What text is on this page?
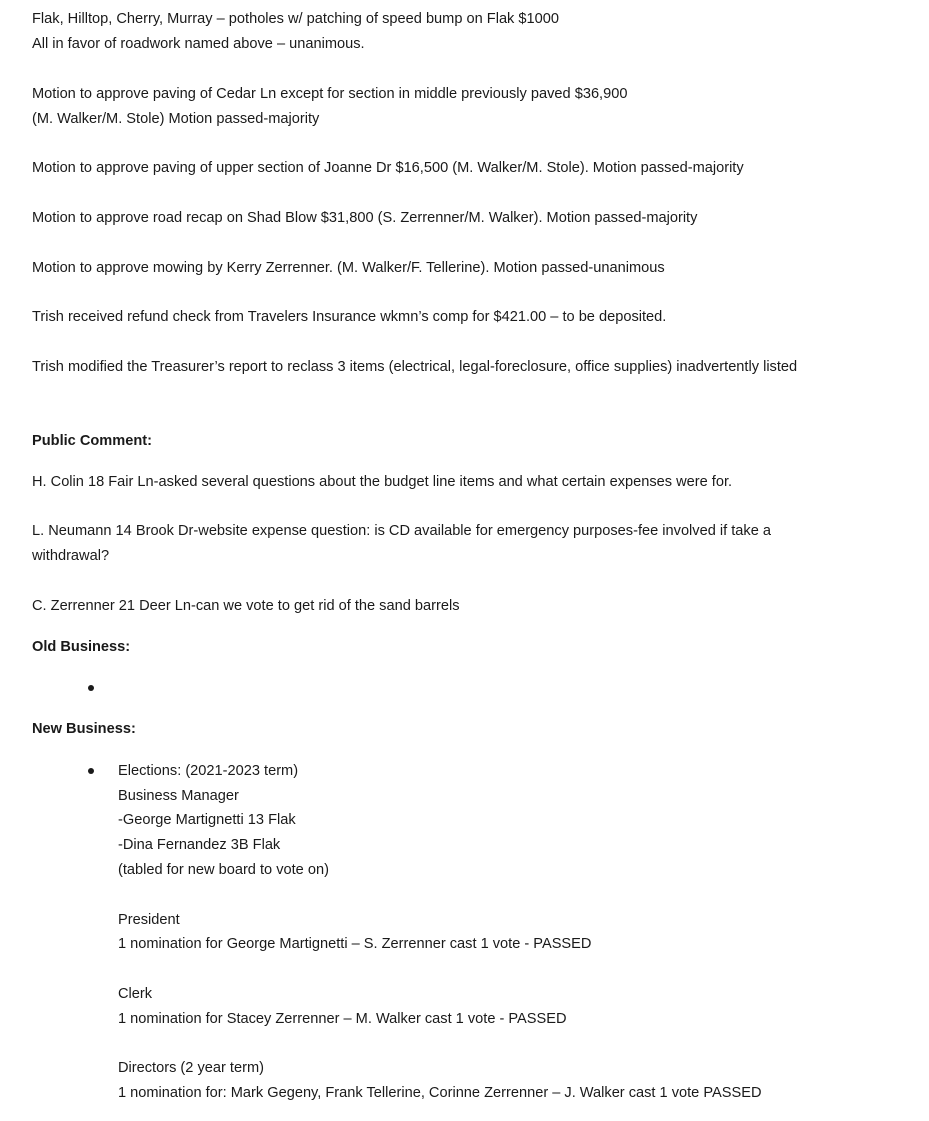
Flak, Hilltop, Cherry, Murray – potholes w/ patching of speed bump on Flak $1000
All in favor of roadwork named above – unanimous.
Motion to approve paving of Cedar Ln except for section in middle previously paved $36,900
(M. Walker/M. Stole) Motion passed-majority
Motion to approve paving of upper section of Joanne Dr $16,500 (M. Walker/M. Stole). Motion passed-majority
Motion to approve road recap on Shad Blow $31,800 (S. Zerrenner/M. Walker). Motion passed-majority
Motion to approve mowing by Kerry Zerrenner. (M. Walker/F. Tellerine). Motion passed-unanimous
Trish received refund check from Travelers Insurance wkmn’s comp for $421.00 – to be deposited.
Trish modified the Treasurer’s report to reclass 3 items (electrical, legal-foreclosure, office supplies) inadvertently listed
Public Comment:
H. Colin 18 Fair Ln-asked several questions about the budget line items and what certain expenses were for.
L. Neumann 14 Brook Dr-website expense question: is CD available for emergency purposes-fee involved if take a
withdrawal?
C. Zerrenner 21 Deer Ln-can we vote to get rid of the sand barrels
Old Business:
New Business:
Elections: (2021-2023 term)
Business Manager
-George Martignetti 13 Flak
-Dina Fernandez 3B Flak
(tabled for new board to vote on)
President
1 nomination for George Martignetti – S. Zerrenner cast 1 vote - PASSED
Clerk
1 nomination for Stacey Zerrenner – M. Walker cast 1 vote - PASSED
Directors (2 year term)
1 nomination for: Mark Gegeny, Frank Tellerine, Corinne Zerrenner – J. Walker cast 1 vote PASSED
